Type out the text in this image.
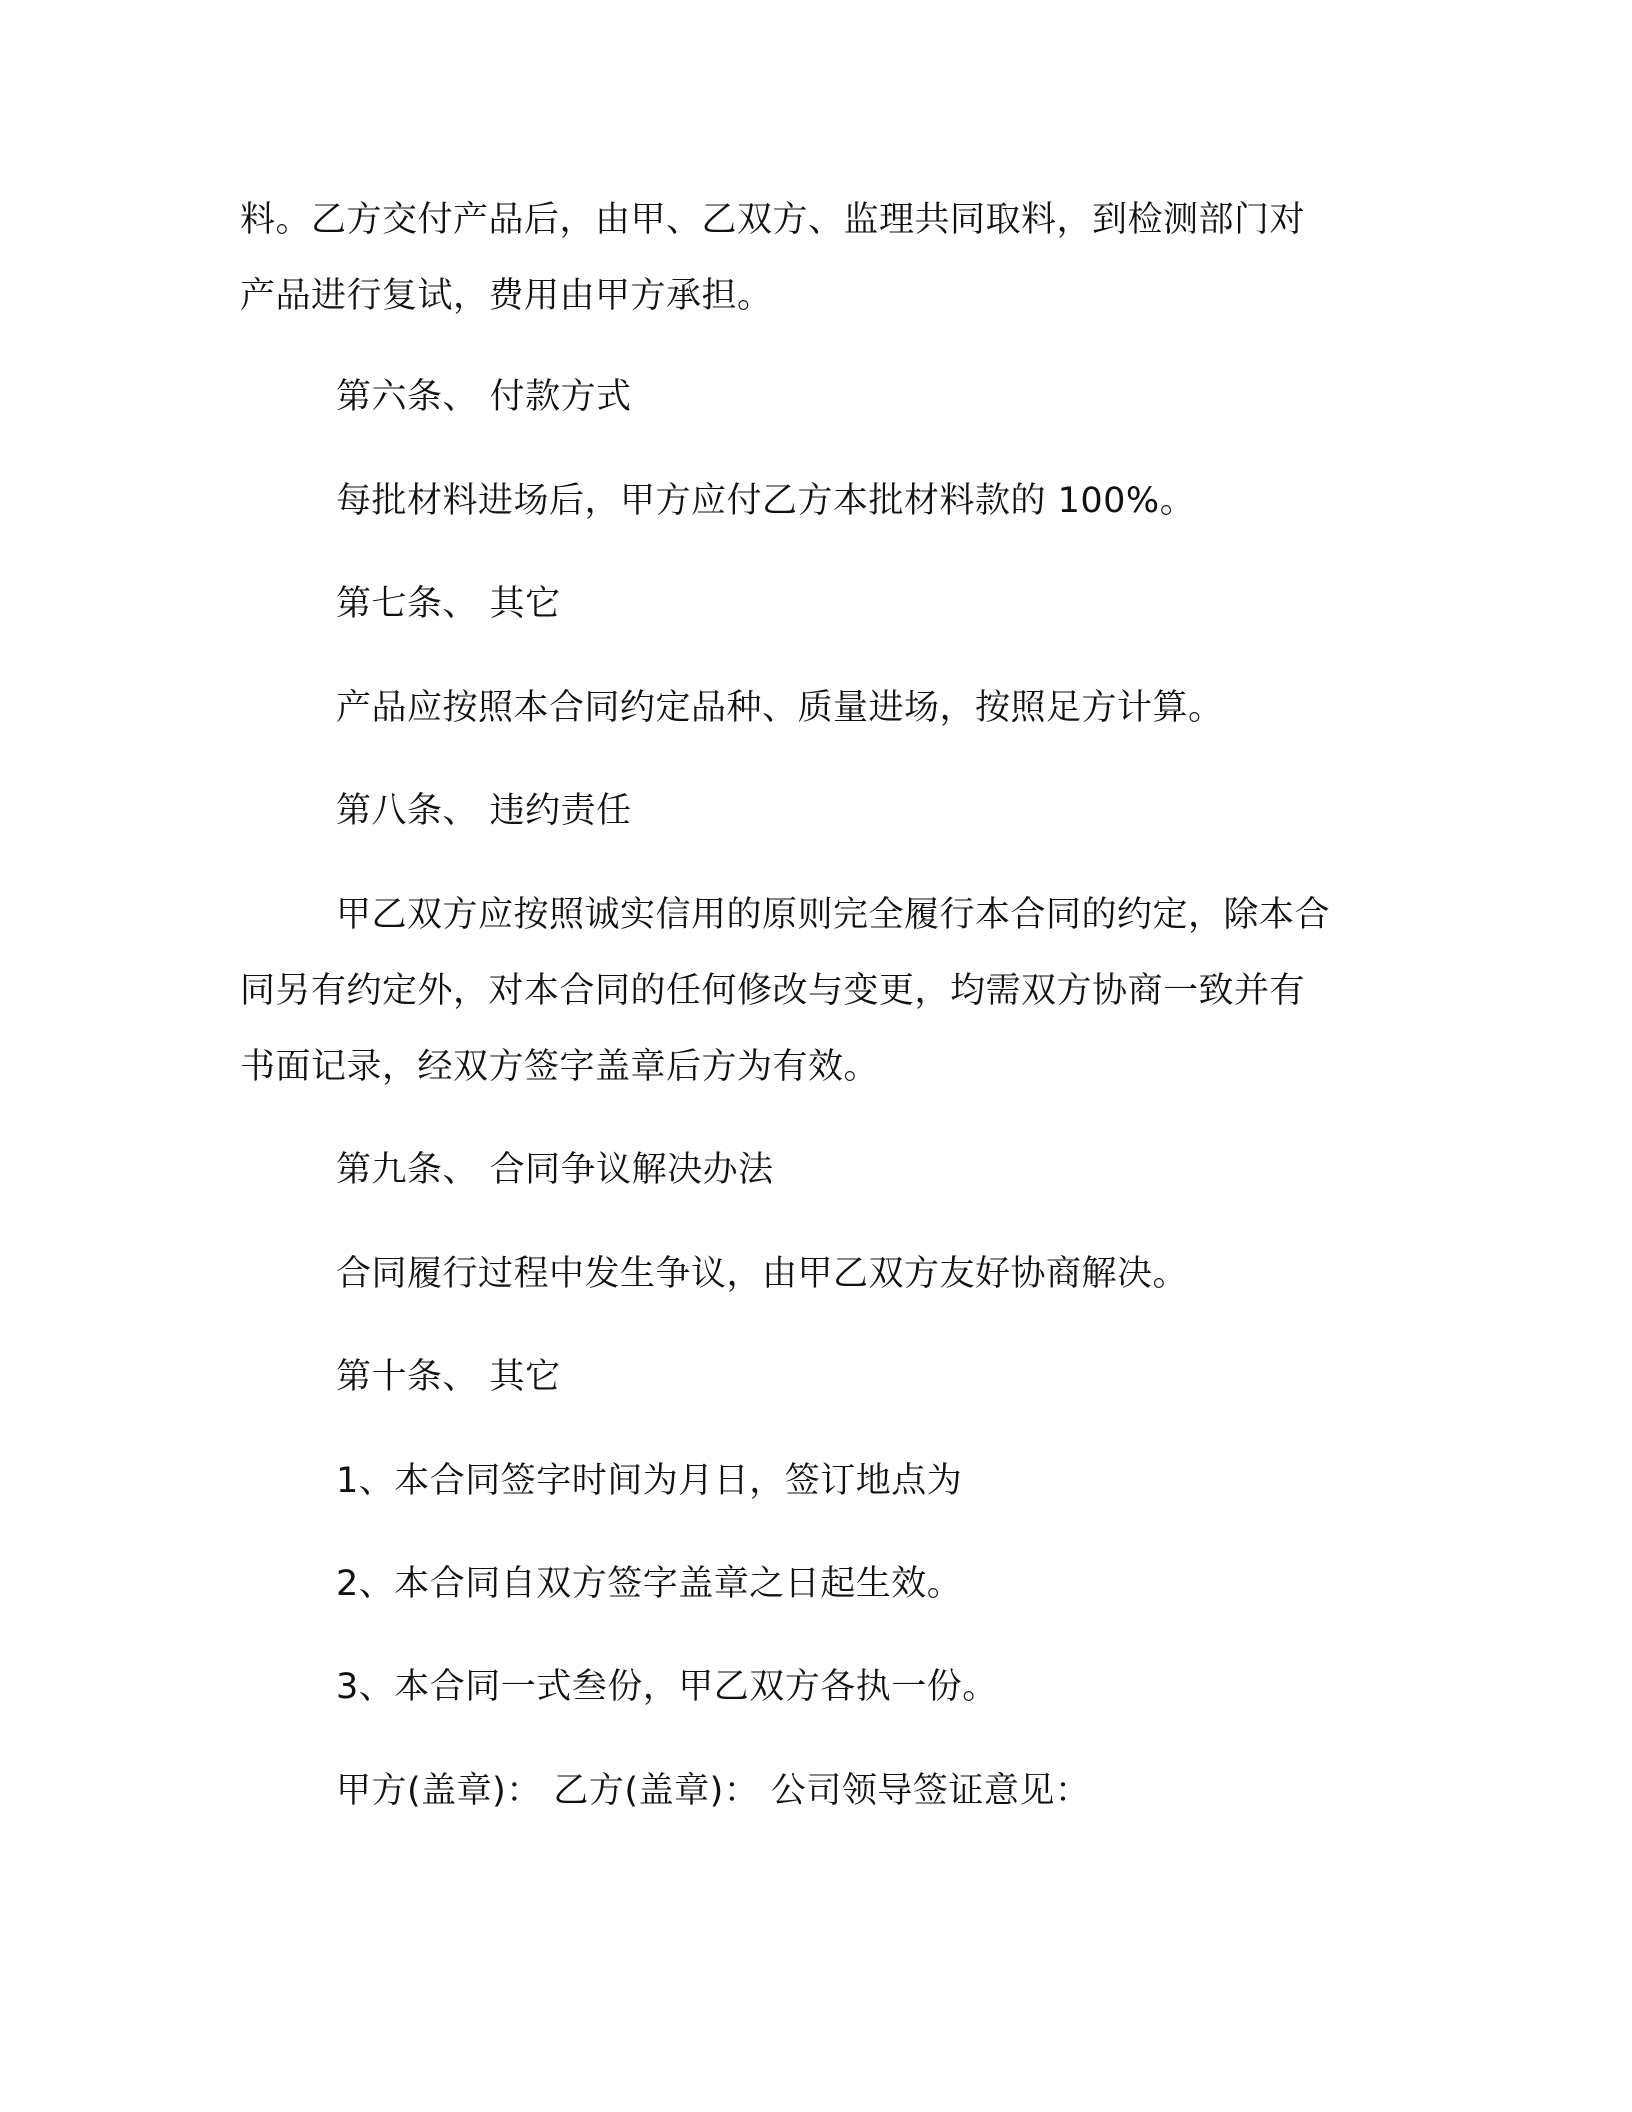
料。乙方交付产品后，由甲、乙双方、监理共同取料，到检测部门对
产品进行复试，费用由甲方承担。
第六条、 付款方式
每批材料进场后，甲方应付乙方本批材料款的 100%。
第七条、 其它
产品应按照本合同约定品种、质量进场，按照足方计算。
第八条、 违约责任
甲乙双方应按照诚实信用的原则完全履行本合同的约定，除本合
同另有约定外，对本合同的任何修改与变更，均需双方协商一致并有
书面记录，经双方签字盖章后方为有效。
第九条、 合同争议解决办法
合同履行过程中发生争议，由甲乙双方友好协商解决。
第十条、 其它
1、本合同签字时间为月日，签订地点为
2、本合同自双方签字盖章之日起生效。
3、本合同一式叁份，甲乙双方各执一份。
甲方(盖章)： 乙方(盖章)： 公司领导签证意见：
